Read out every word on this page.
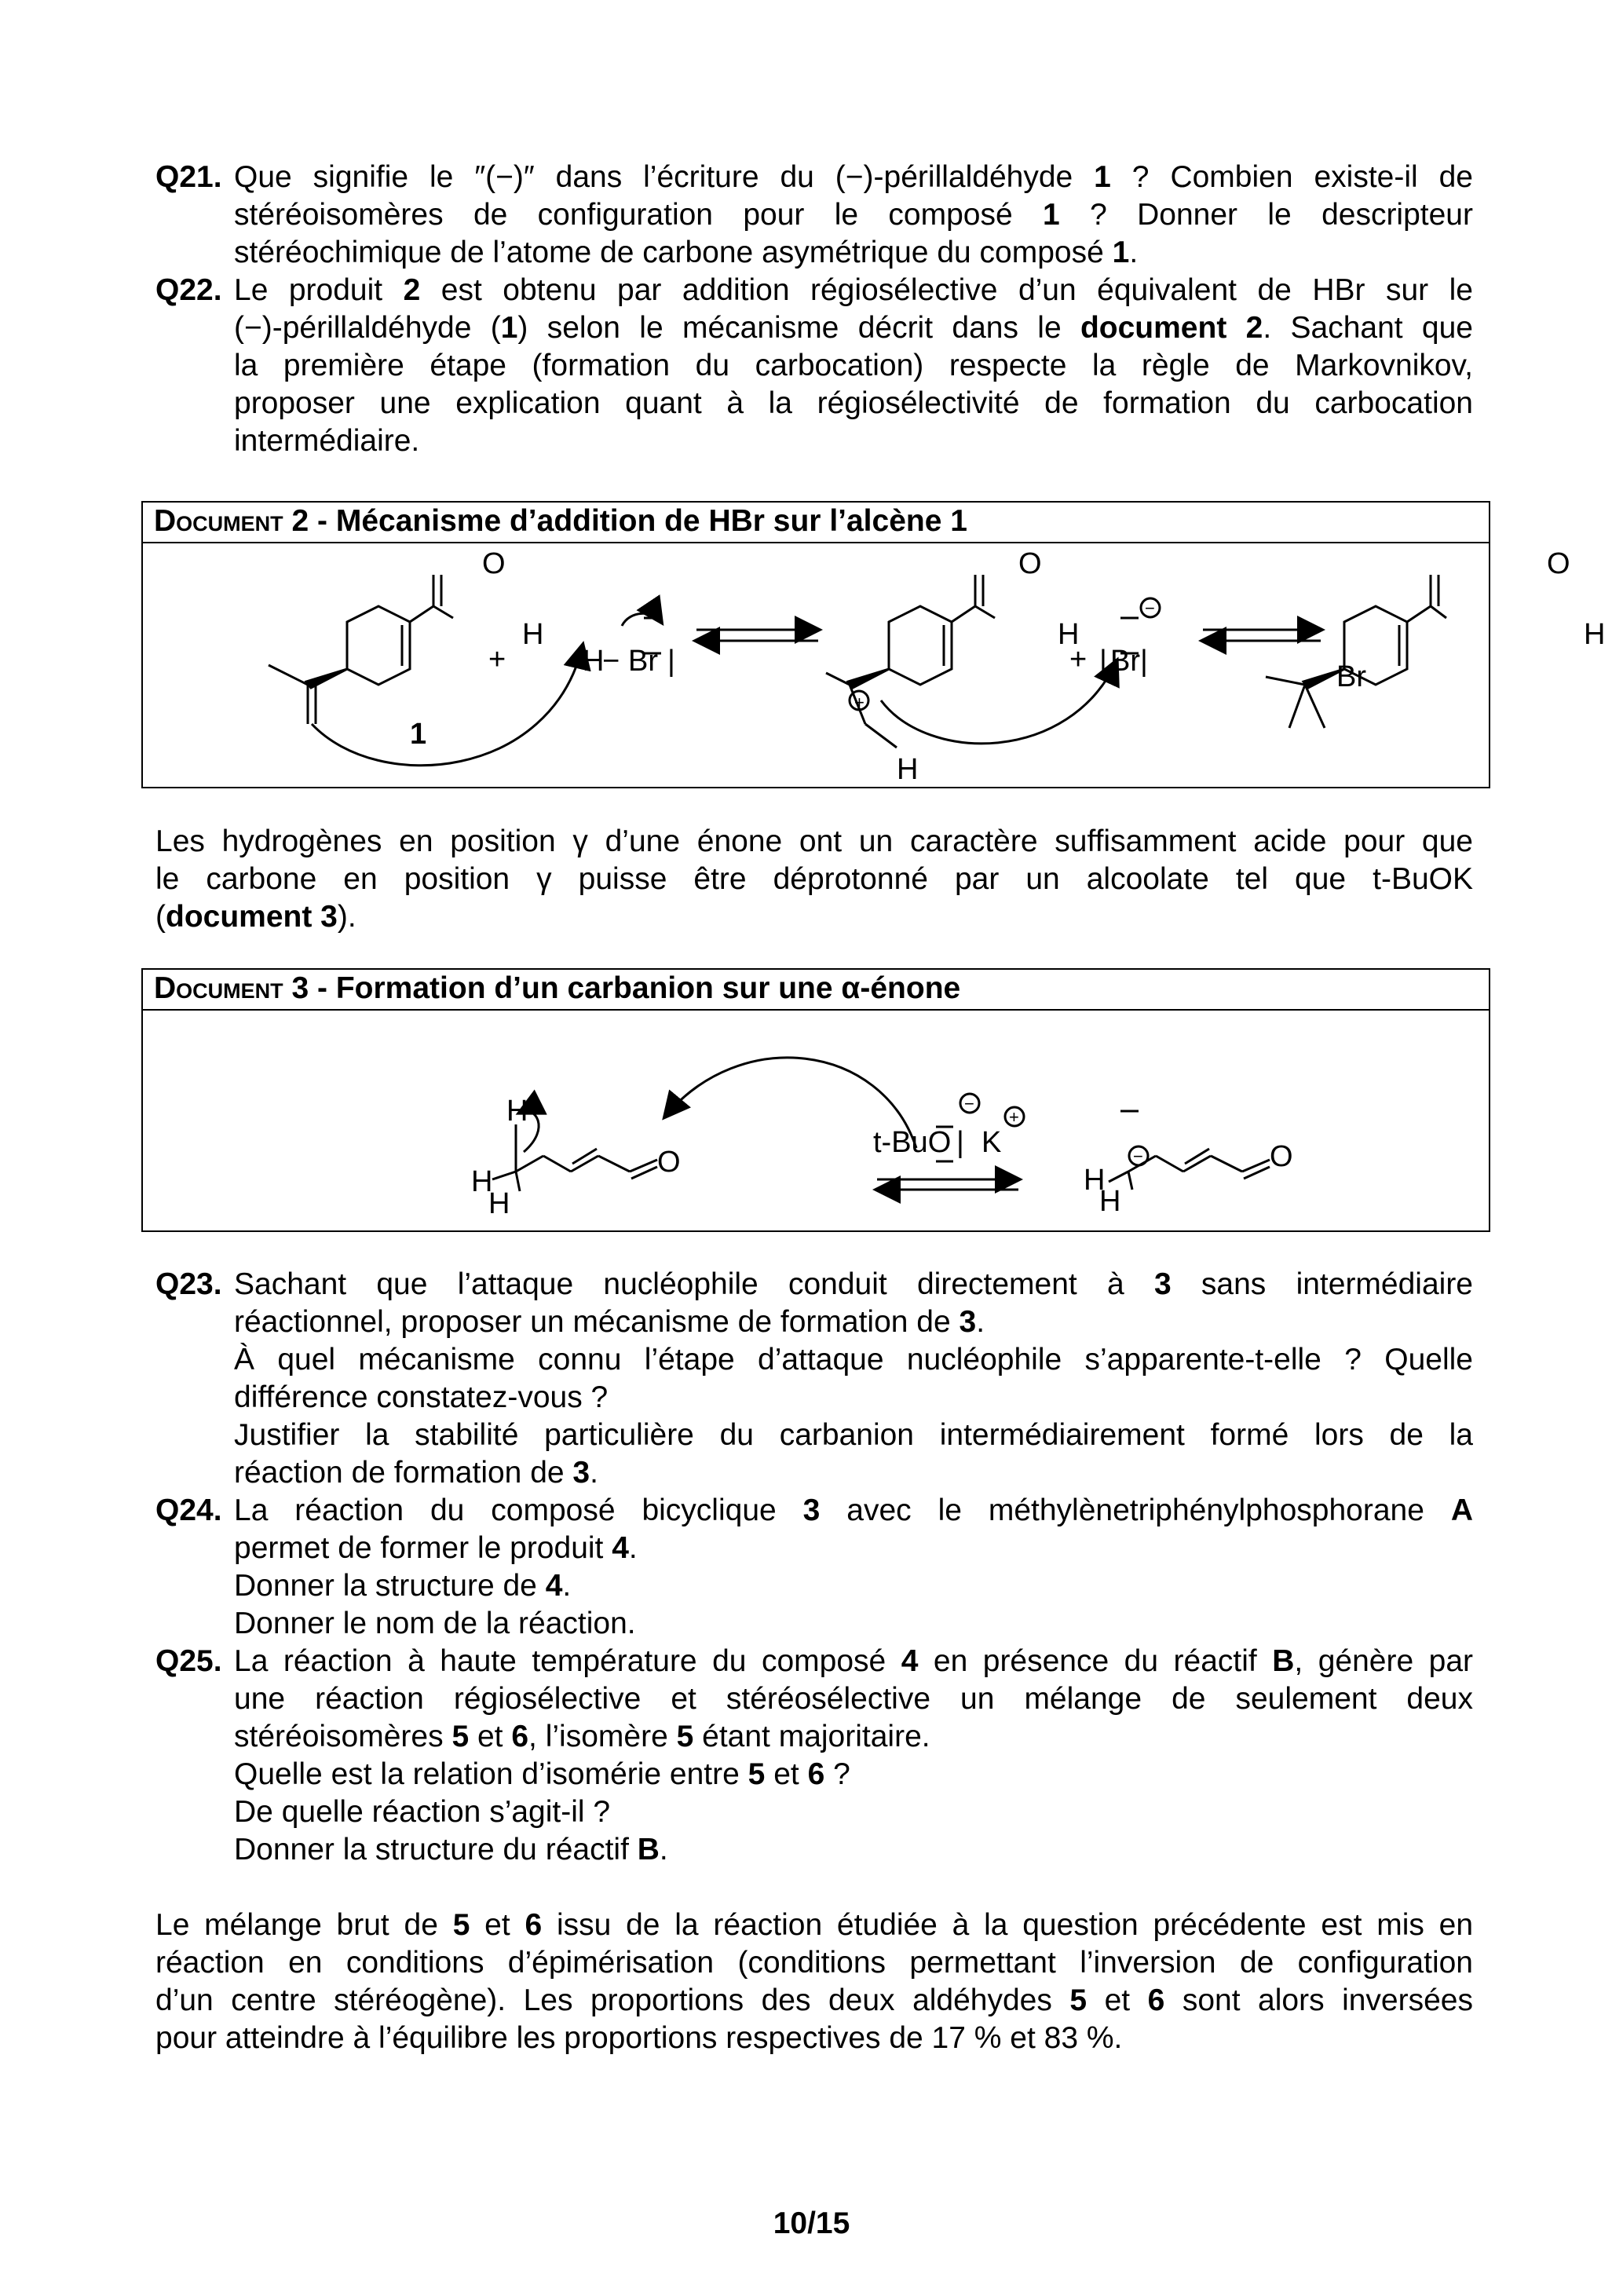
Q21. Que signifie le ″(−)″ dans l’écriture du (−)-périllaldéhyde 1 ? Combien existe-il de
stéréoisomères de configuration pour le composé 1 ? Donner le descripteur
stéréochimique de l’atome de carbone asymétrique du composé 1.
Q22. Le produit 2 est obtenu par addition régiosélective d’un équivalent de HBr sur le
(−)-périllaldéhyde (1) selon le mécanisme décrit dans le document 2. Sachant que
la première étape (formation du carbocation) respecte la règle de Markovnikov,
proposer une explication quant à la régiosélectivité de formation du carbocation
intermédiaire.
Document 2 - Mécanisme d’addition de HBr sur l’alcène 1
+	+
H
− Br |	| Br |	Br
O
H
O
H
O
H
H
1
+
−
Les hydrogènes en position γ d’une énone ont un caractère suffisamment acide pour que
le carbone en position γ puisse être déprotonné par un alcoolate tel que t-BuOK
(document 3).
Document 3 - Formation d’un carbanion sur une α-énone
H
H
H
O
t-BuO | K	O
H
H
−
+
−
Q23. Sachant que l’attaque nucléophile conduit directement à 3 sans intermédiaire
réactionnel, proposer un mécanisme de formation de 3.
À quel mécanisme connu l’étape d’attaque nucléophile s’apparente-t-elle ? Quelle
différence constatez-vous ?
Justifier la stabilité particulière du carbanion intermédiairement formé lors de la
réaction de formation de 3.
Q24. La réaction du composé bicyclique 3 avec le méthylènetriphénylphosphorane A
permet de former le produit 4.
Donner la structure de 4.
Donner le nom de la réaction.
Q25. La réaction à haute température du composé 4 en présence du réactif B, génère par
une réaction régiosélective et stéréosélective un mélange de seulement deux
stéréoisomères 5 et 6, l’isomère 5 étant majoritaire.
Quelle est la relation d’isomérie entre 5 et 6 ?
De quelle réaction s’agit-il ?
Donner la structure du réactif B.
Le mélange brut de 5 et 6 issu de la réaction étudiée à la question précédente est mis en
réaction en conditions d’épimérisation (conditions permettant l’inversion de configuration
d’un centre stéréogène). Les proportions des deux aldéhydes 5 et 6 sont alors inversées
pour atteindre à l’équilibre les proportions respectives de 17 % et 83 %.
10/15
